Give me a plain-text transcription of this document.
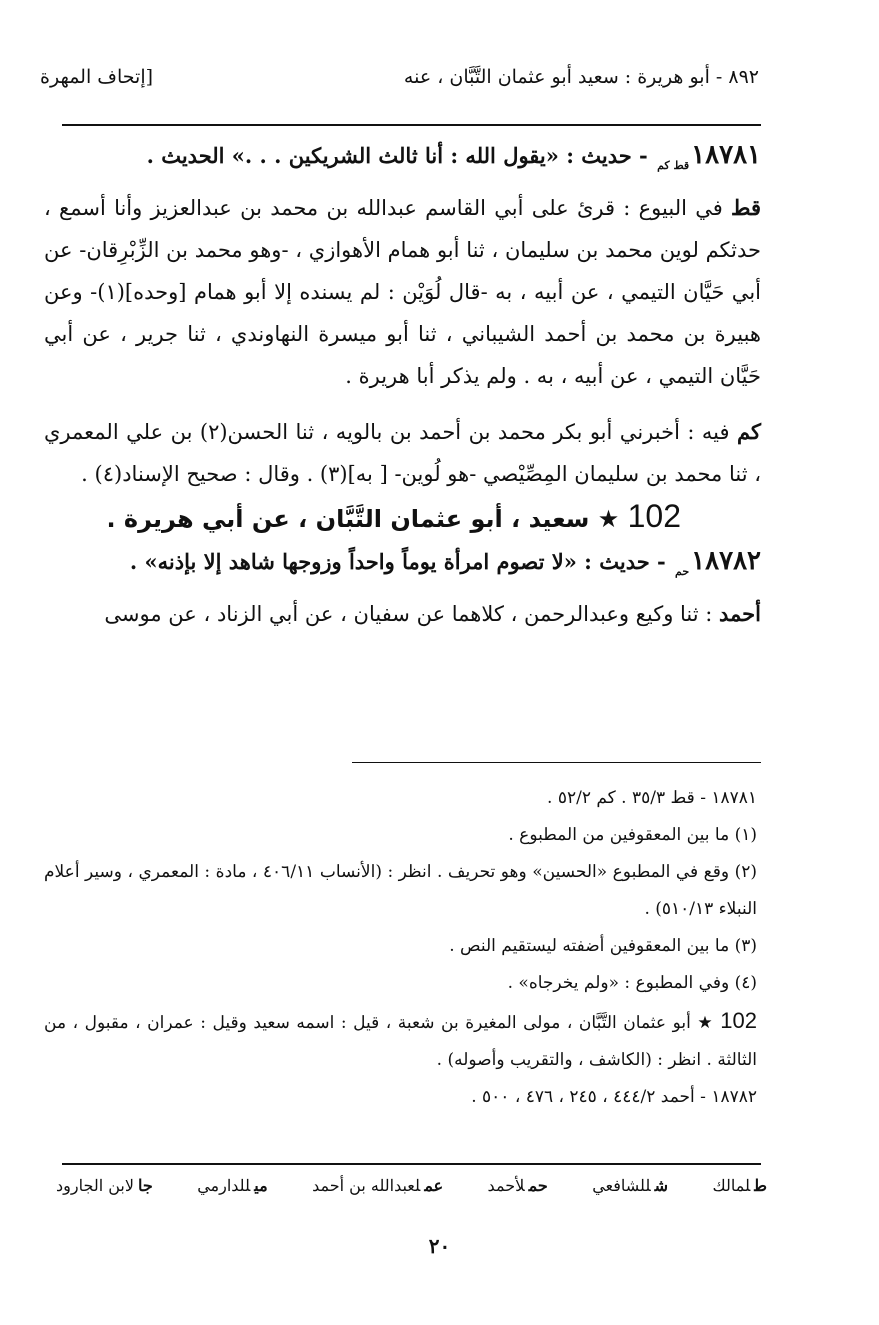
٨٩٢ - أبو هريرة : سعيد أبو عثمان التَّبَّان ، عنه
[إتحاف المهرة

$١٨٧٨١_{قط كم}$ - حديث : «يقول الله : أنا ثالث الشريكين . . .» الحديث .

قط في البيوع : قرئ على أبي القاسم عبدالله بن محمد بن عبدالعزيز وأنا أسمع ، حدثكم لوين محمد بن سليمان ، ثنا أبو همام الأهوازي ، -وهو محمد بن الزِّبْرِقان- عن أبي حَيَّان التيمي ، عن أبيه ، به -قال لُوَيْن : لم يسنده إلا أبو همام [وحده](١)- وعن هبيرة بن محمد بن أحمد الشيباني ، ثنا أبو ميسرة النهاوندي ، ثنا جرير ، عن أبي حَيَّان التيمي ، عن أبيه ، به . ولم يذكر أبا هريرة .

كم فيه : أخبرني أبو بكر محمد بن أحمد بن بالويه ، ثنا الحسن(٢) بن علي المعمري ، ثنا محمد بن سليمان المِصِّيْصي -هو لُوين- [ به](٣) . وقال : صحيح الإسناد(٤) .

102 ★ سعيد ، أبو عثمان التَّبَّان ، عن أبي هريرة .

$١٨٧٨٢_{حم}$ - حديث : «لا تصوم امرأة يوماً واحداً وزوجها شاهد إلا بإذنه» .

أحمد : ثنا وكيع وعبدالرحمن ، كلاهما عن سفيان ، عن أبي الزناد ، عن موسى

١٨٧٨١ - قط ٣٥/٣ . كم ٥٢/٢ .

(١) ما بين المعقوفين من المطبوع .

(٢) وقع في المطبوع «الحسين» وهو تحريف . انظر : (الأنساب ٤٠٦/١١ ، مادة : المعمري ، وسير أعلام النبلاء ٥١٠/١٣) .

(٣) ما بين المعقوفين أضفته ليستقيم النص .

(٤) وفي المطبوع : «ولم يخرجاه» .

102 ★ أبو عثمان التَّبَّان ، مولى المغيرة بن شعبة ، قيل : اسمه سعيد وقيل : عمران ، مقبول ، من الثالثة . انظر : (الكاشف ، والتقريب وأصوله) .

١٨٧٨٢ - أحمد ٤٤٤/٢ ، ٢٤٥ ، ٤٧٦ ، ٥٠٠ .

طلمالك
شللشافعي
حملأحمد
عملعبدالله بن أحمد
ميللدارمي
جالابن الجارود
٢٠
